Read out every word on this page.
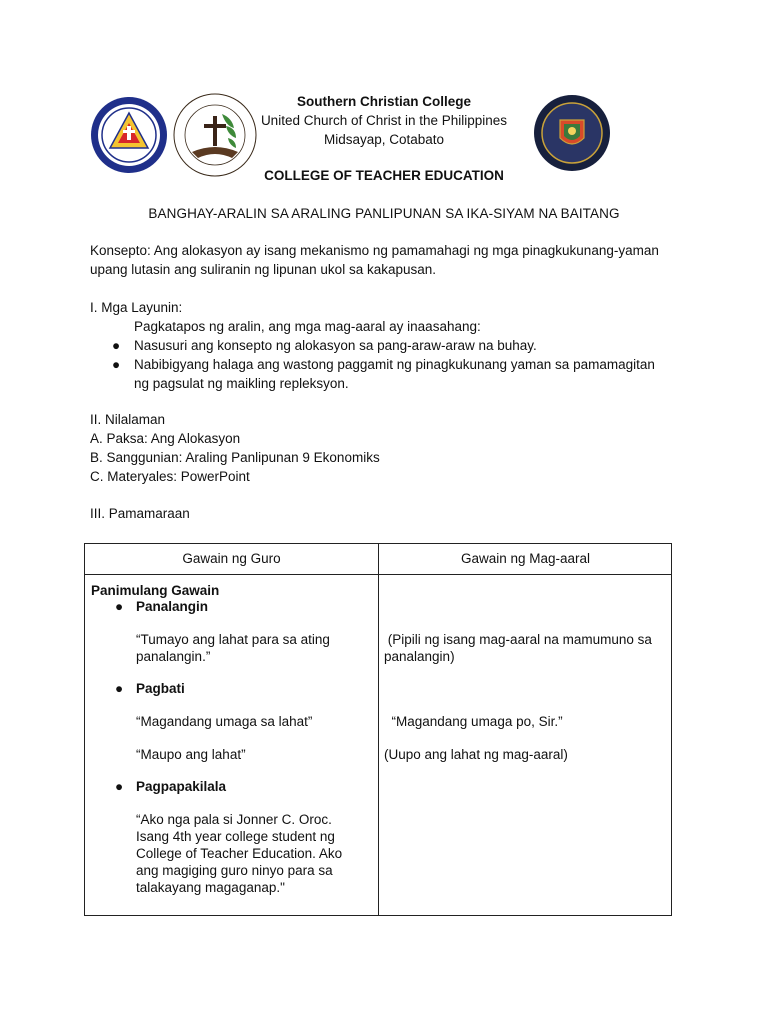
Southern Christian College
United Church of Christ in the Philippines
Midsayap, Cotabato
COLLEGE OF TEACHER EDUCATION
BANGHAY-ARALIN SA ARALING PANLIPUNAN SA IKA-SIYAM NA BAITANG
Konsepto: Ang alokasyon ay isang mekanismo ng pamamahagi ng mga pinagkukunang-yaman
upang lutasin ang suliranin ng lipunan ukol sa kakapusan.
I. Mga Layunin:
Pagkatapos ng aralin, ang mga mag-aaral ay inaasahang:
● Nasusuri ang konsepto ng alokasyon sa pang-araw-araw na buhay.
● Nabibigyang halaga ang wastong paggamit ng pinagkukunang yaman sa pamamagitan
ng pagsulat ng maikling repleksyon.
II. Nilalaman
A. Paksa: Ang Alokasyon
B. Sanggunian: Araling Panlipunan 9 Ekonomiks
C. Materyales: PowerPoint
III. Pamamaraan
Gawain ng Guro	Gawain ng Mag-aaral
Panimulang Gawain
● Panalangin
“Tumayo ang lahat para sa ating
panalangin.”
● Pagbati
“Magandang umaga sa lahat”
“Maupo ang lahat”
● Pagpapakilala
“Ako nga pala si Jonner C. Oroc.
Isang 4th year college student ng
College of Teacher Education. Ako
ang magiging guro ninyo para sa
talakayang magaganap."
(Pipili ng isang mag-aaral na mamumuno sa
panalangin)
“Magandang umaga po, Sir.”
(Uupo ang lahat ng mag-aaral)
